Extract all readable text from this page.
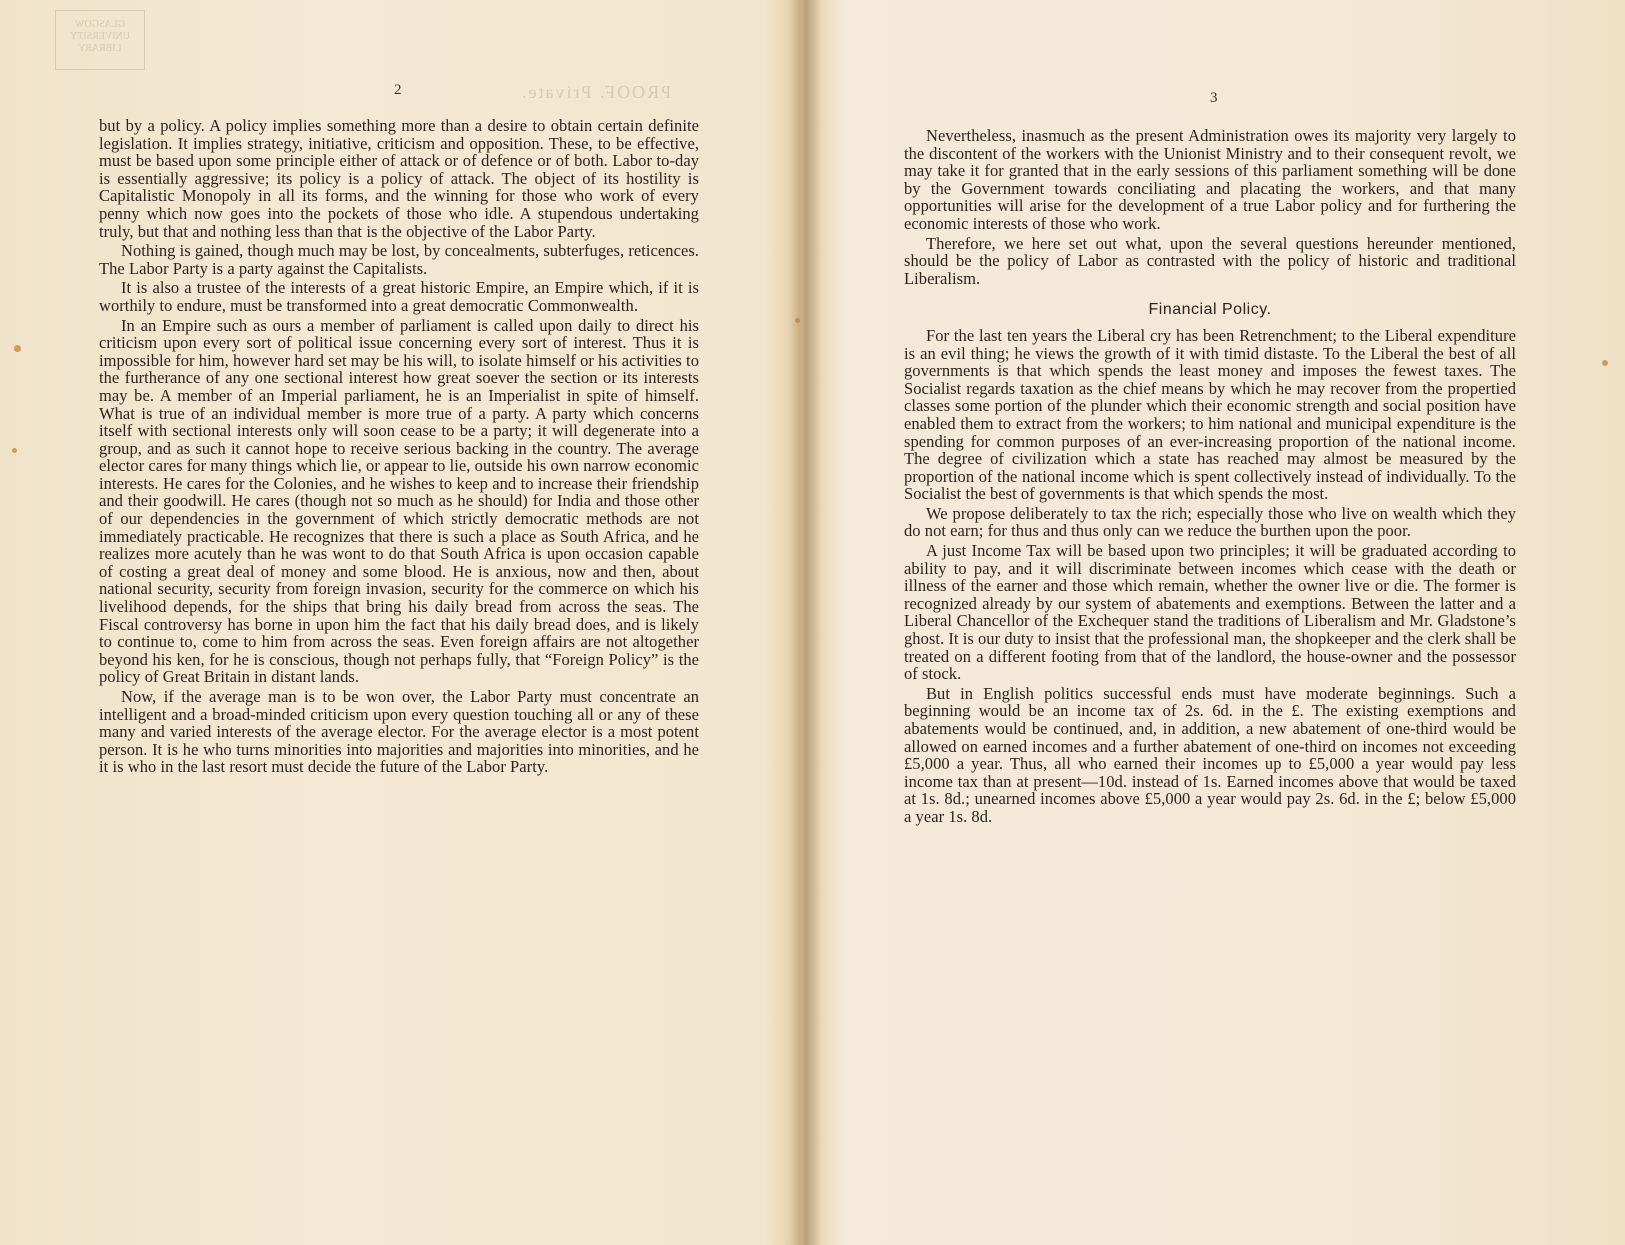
GLASGOW UNIVERSITY LIBRARY
PROOF. Private.
2

but by a policy. A policy implies something more than a desire to obtain certain definite legislation. It implies strategy, initiative, criticism and opposition. These, to be effective, must be based upon some principle either of attack or of defence or of both. Labor to-day is essentially aggressive; its policy is a policy of attack. The object of its hostility is Capitalistic Monopoly in all its forms, and the winning for those who work of every penny which now goes into the pockets of those who idle. A stupendous undertaking truly, but that and nothing less than that is the objective of the Labor Party.

Nothing is gained, though much may be lost, by concealments, subterfuges, reticences. The Labor Party is a party against the Capitalists.

It is also a trustee of the interests of a great historic Empire, an Empire which, if it is worthily to endure, must be transformed into a great democratic Commonwealth.

In an Empire such as ours a member of parliament is called upon daily to direct his criticism upon every sort of political issue concerning every sort of interest. Thus it is impossible for him, however hard set may be his will, to isolate himself or his activities to the furtherance of any one sectional interest how great soever the section or its interests may be. A member of an Imperial parliament, he is an Imperialist in spite of himself. What is true of an individual member is more true of a party. A party which concerns itself with sectional interests only will soon cease to be a party; it will degenerate into a group, and as such it cannot hope to receive serious backing in the country. The average elector cares for many things which lie, or appear to lie, outside his own narrow economic interests. He cares for the Colonies, and he wishes to keep and to increase their friendship and their goodwill. He cares (though not so much as he should) for India and those other of our dependencies in the government of which strictly democratic methods are not immediately practicable. He recognizes that there is such a place as South Africa, and he realizes more acutely than he was wont to do that South Africa is upon occasion capable of costing a great deal of money and some blood. He is anxious, now and then, about national security, security from foreign invasion, security for the commerce on which his livelihood depends, for the ships that bring his daily bread from across the seas. The Fiscal controversy has borne in upon him the fact that his daily bread does, and is likely to continue to, come to him from across the seas. Even foreign affairs are not altogether beyond his ken, for he is conscious, though not perhaps fully, that “Foreign Policy” is the policy of Great Britain in distant lands.

Now, if the average man is to be won over, the Labor Party must concentrate an intelligent and a broad-minded criticism upon every question touching all or any of these many and varied interests of the average elector. For the average elector is a most potent person. It is he who turns minorities into majorities and majorities into minorities, and he it is who in the last resort must decide the future of the Labor Party.

3

Nevertheless, inasmuch as the present Administration owes its majority very largely to the discontent of the workers with the Unionist Ministry and to their consequent revolt, we may take it for granted that in the early sessions of this parliament something will be done by the Government towards conciliating and placating the workers, and that many opportunities will arise for the development of a true Labor policy and for furthering the economic interests of those who work.

Therefore, we here set out what, upon the several questions hereunder mentioned, should be the policy of Labor as contrasted with the policy of historic and traditional Liberalism.

Financial Policy.

For the last ten years the Liberal cry has been Retrenchment; to the Liberal expenditure is an evil thing; he views the growth of it with timid distaste. To the Liberal the best of all governments is that which spends the least money and imposes the fewest taxes. The Socialist regards taxation as the chief means by which he may recover from the propertied classes some portion of the plunder which their economic strength and social position have enabled them to extract from the workers; to him national and municipal expenditure is the spending for common purposes of an ever-increasing proportion of the national income. The degree of civilization which a state has reached may almost be measured by the proportion of the national income which is spent collectively instead of individually. To the Socialist the best of governments is that which spends the most.

We propose deliberately to tax the rich; especially those who live on wealth which they do not earn; for thus and thus only can we reduce the burthen upon the poor.

A just Income Tax will be based upon two principles; it will be graduated according to ability to pay, and it will discriminate between incomes which cease with the death or illness of the earner and those which remain, whether the owner live or die. The former is recognized already by our system of abatements and exemptions. Between the latter and a Liberal Chancellor of the Exchequer stand the traditions of Liberalism and Mr. Gladstone’s ghost. It is our duty to insist that the professional man, the shopkeeper and the clerk shall be treated on a different footing from that of the landlord, the house-owner and the possessor of stock.

But in English politics successful ends must have moderate beginnings. Such a beginning would be an income tax of 2s. 6d. in the £. The existing exemptions and abatements would be continued, and, in addition, a new abatement of one-third would be allowed on earned incomes and a further abatement of one-third on incomes not exceeding £5,000 a year. Thus, all who earned their incomes up to £5,000 a year would pay less income tax than at present—10d. instead of 1s. Earned incomes above that would be taxed at 1s. 8d.; unearned incomes above £5,000 a year would pay 2s. 6d. in the £; below £5,000 a year 1s. 8d.
